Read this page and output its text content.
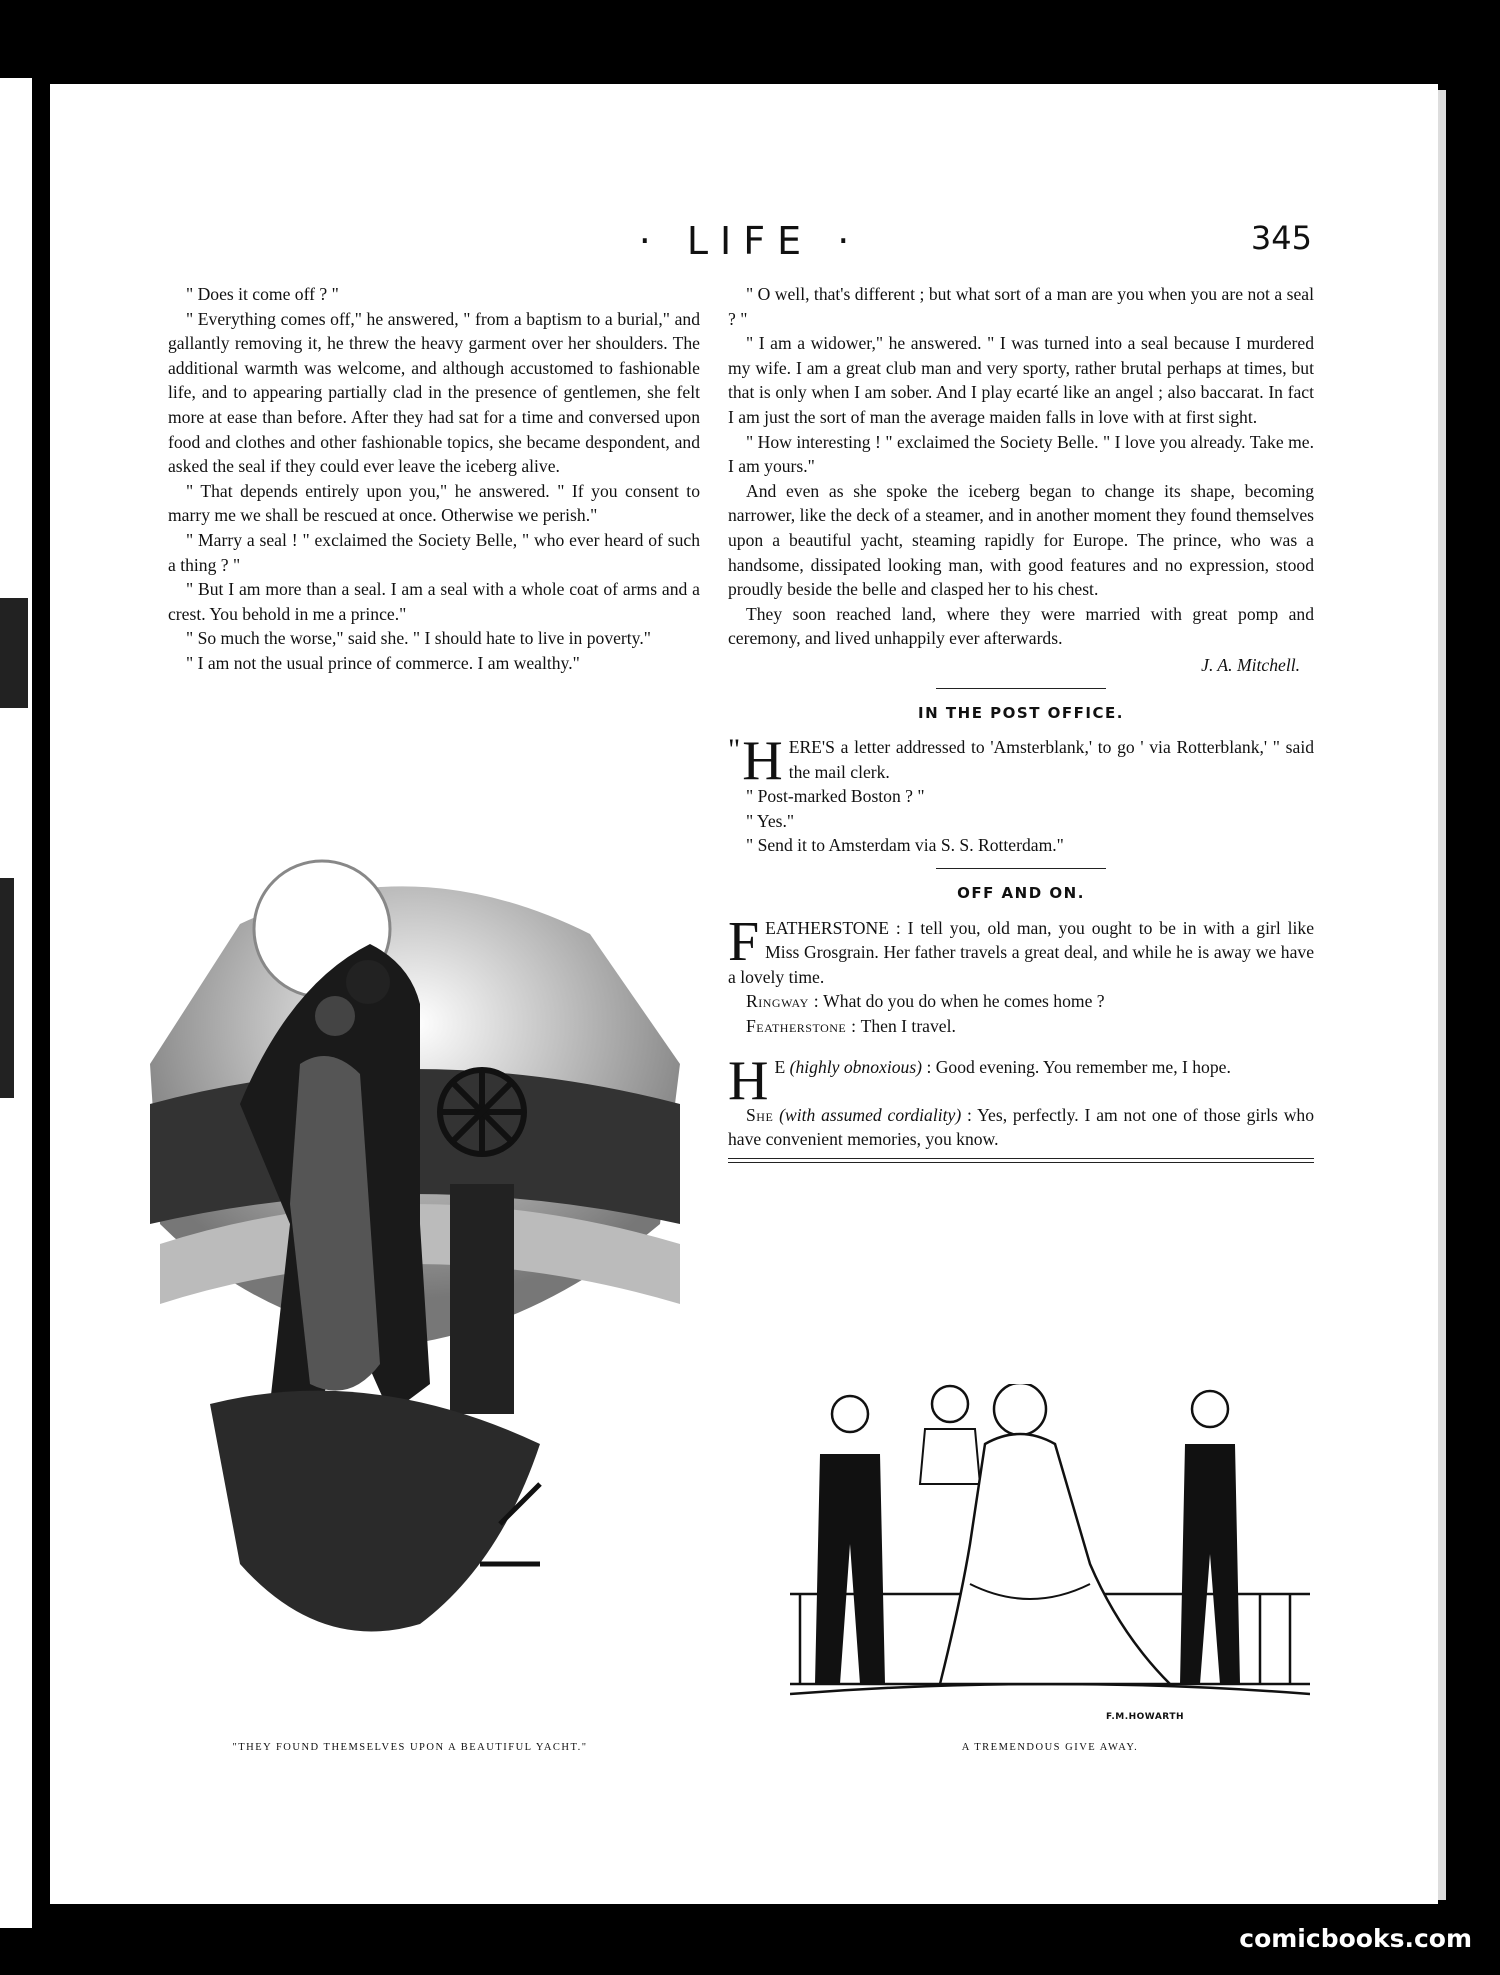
· LIFE ·	345

" Does it come off ? "

" Everything comes off," he answered, " from a baptism to a burial," and gallantly removing it, he threw the heavy garment over her shoulders. The additional warmth was welcome, and although accustomed to fashionable life, and to appearing partially clad in the presence of gentlemen, she felt more at ease than before. After they had sat for a time and conversed upon food and clothes and other fashionable topics, she became despondent, and asked the seal if they could ever leave the iceberg alive.

" That depends entirely upon you," he answered. " If you consent to marry me we shall be rescued at once. Otherwise we perish."

" Marry a seal ! " exclaimed the Society Belle, " who ever heard of such a thing ? "

" But I am more than a seal. I am a seal with a whole coat of arms and a crest. You behold in me a prince."

" So much the worse," said she. " I should hate to live in poverty."

" I am not the usual prince of commerce. I am wealthy."

" O well, that's different ; but what sort of a man are you when you are not a seal ? "

" I am a widower," he answered. " I was turned into a seal because I murdered my wife. I am a great club man and very sporty, rather brutal perhaps at times, but that is only when I am sober. And I play ecarté like an angel ; also baccarat. In fact I am just the sort of man the average maiden falls in love with at first sight.

" How interesting ! " exclaimed the Society Belle. " I love you already. Take me. I am yours."

And even as she spoke the iceberg began to change its shape, becoming narrower, like the deck of a steamer, and in another moment they found themselves upon a beautiful yacht, steaming rapidly for Europe. The prince, who was a handsome, dissipated looking man, with good features and no expression, stood proudly beside the belle and clasped her to his chest.

They soon reached land, where they were married with great pomp and ceremony, and lived unhappily ever afterwards.

J. A. Mitchell.

IN THE POST OFFICE.
" H ERE'S a letter addressed to 'Amsterblank,' to go ' via Rotterblank,' " said the mail clerk.

" Post-marked Boston ? "

" Yes."

" Send it to Amsterdam via S. S. Rotterdam."

OFF AND ON.
F EATHERSTONE : I tell you, old man, you ought to be in with a girl like Miss Grosgrain. Her father travels a great deal, and while he is away we have a lovely time.

Ringway : What do you do when he comes home ?

Featherstone : Then I travel.

H E (highly obnoxious) : Good evening. You remember me, I hope.

She (with assumed cordiality) : Yes, perfectly. I am not one of those girls who have convenient memories, you know.

"THEY FOUND THEMSELVES UPON A BEAUTIFUL YACHT."
F.M.HOWARTH
A TREMENDOUS GIVE AWAY.
comicbooks.com
